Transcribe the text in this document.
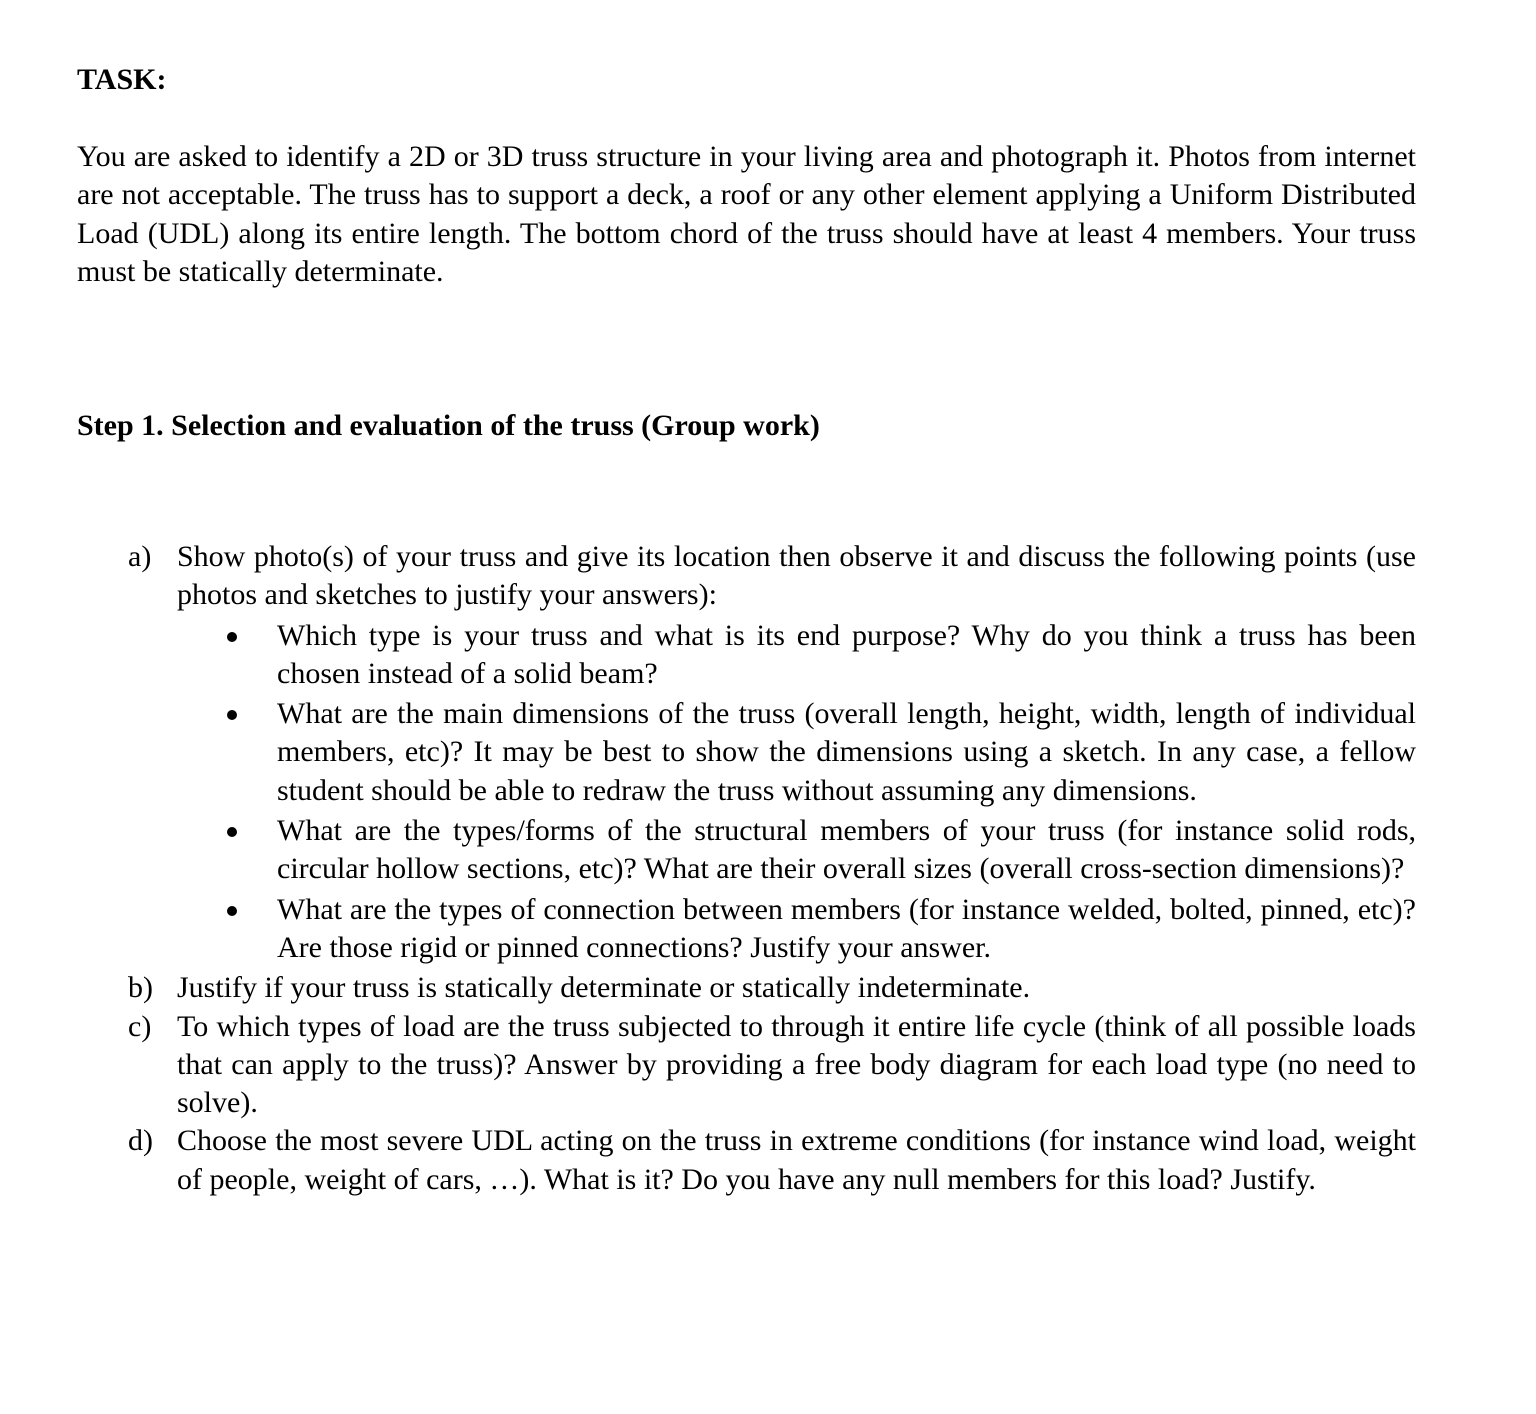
TASK:

You are asked to identify a 2D or 3D truss structure in your living area and photograph it. Photos from internet are not acceptable. The truss has to support a deck, a roof or any other element applying a Uniform Distributed Load (UDL) along its entire length. The bottom chord of the truss should have at least 4 members. Your truss must be statically determinate.

Step 1. Selection and evaluation of the truss (Group work)
a) Show photo(s) of your truss and give its location then observe it and discuss the following points (use photos and sketches to justify your answers):
Which type is your truss and what is its end purpose? Why do you think a truss has been chosen instead of a solid beam?
What are the main dimensions of the truss (overall length, height, width, length of individual members, etc)? It may be best to show the dimensions using a sketch. In any case, a fellow student should be able to redraw the truss without assuming any dimensions.
What are the types/forms of the structural members of your truss (for instance solid rods, circular hollow sections, etc)? What are their overall sizes (overall cross-section dimensions)?
What are the types of connection between members (for instance welded, bolted, pinned, etc)? Are those rigid or pinned connections? Justify your answer.
b) Justify if your truss is statically determinate or statically indeterminate.
c) To which types of load are the truss subjected to through it entire life cycle (think of all possible loads that can apply to the truss)? Answer by providing a free body diagram for each load type (no need to solve).
d) Choose the most severe UDL acting on the truss in extreme conditions (for instance wind load, weight of people, weight of cars, …). What is it? Do you have any null members for this load? Justify.
